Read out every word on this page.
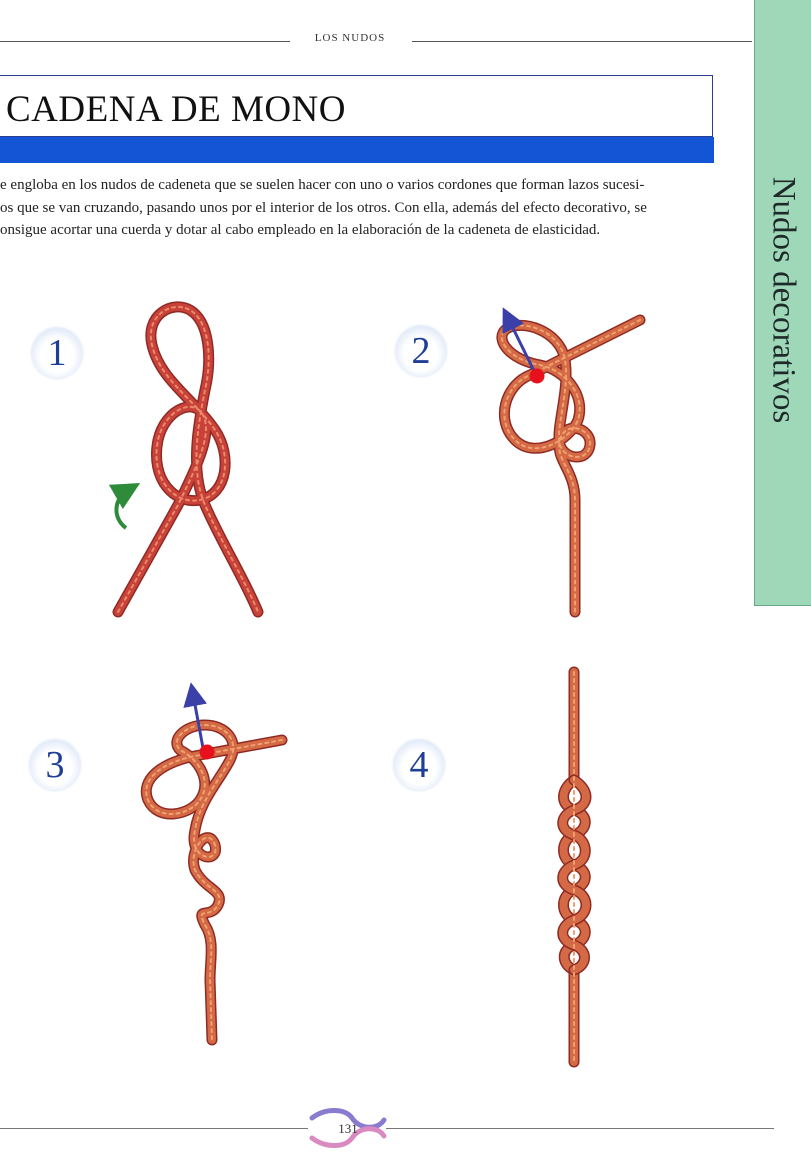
LOS NUDOS
Nudos decorativos
CADENA DE MONO

e engloba en los nudos de cadeneta que se suelen hacer con uno o varios cordones que forman lazos sucesi-
os que se van cruzando, pasando unos por el interior de los otros. Con ella, además del efecto decorativo, se
onsigue acortar una cuerda y dotar al cabo empleado en la elaboración de la cadeneta de elasticidad.

1	2
3	4
131
